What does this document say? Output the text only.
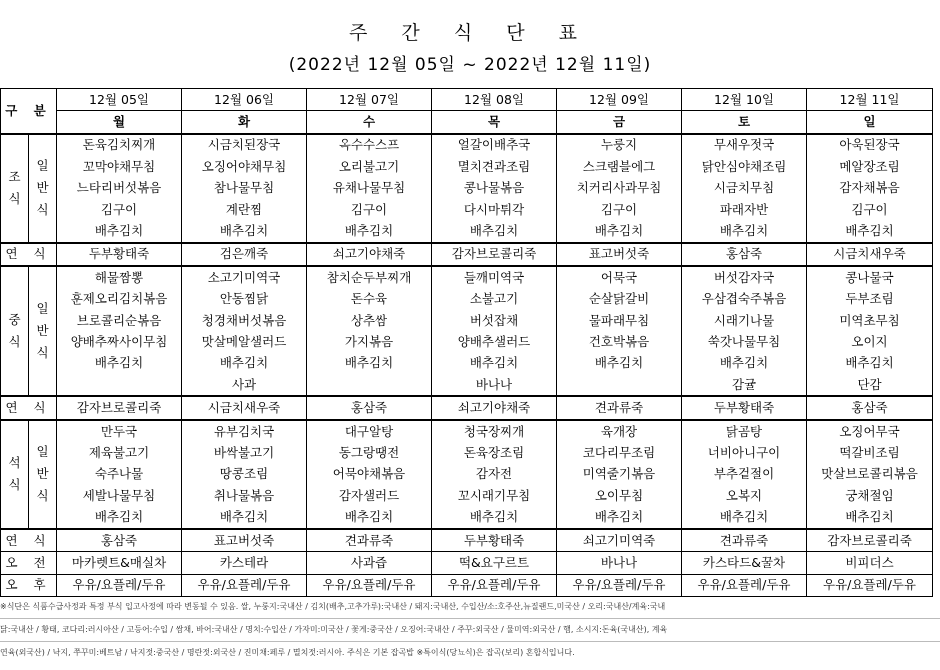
주 간 식 단 표
(2022년 12월 05일 ~ 2022년 12월 11일)
구 분		12월 05일	12월 06일	12월 07일	12월 08일	12월 09일	12월 10일	12월 11일
		월	화	수	목	금	토	일

조
식	일
반
식	돈육김치찌개	시금치된장국	옥수수스프	얼갈이배추국	누룽지	무새우젓국	아욱된장국
		꼬막야채무침	오징어야채무침	오리불고기	멸치견과조림	스크램블에그	닭안심야채조림	메알장조림
		느타리버섯볶음	참나물무침	유채나물무침	콩나물볶음	치커리사과무침	시금치무침	감자채볶음
		김구이	계란찜	김구이	다시마튀각	김구이	파래자반	김구이
		배추김치	배추김치	배추김치	배추김치	배추김치	배추김치	배추김치
연 식		두부황태죽	검은깨죽	쇠고기야채죽	감자브로콜리죽	표고버섯죽	홍삼죽	시금치새우죽

중
식	일
반
식	해물짬뽕	소고기미역국	참치순두부찌개	들깨미역국	어묵국	버섯감자국	콩나물국
		훈제오리김치볶음	안동찜닭	돈수육	소불고기	순살닭갈비	우삼겹숙주볶음	두부조림
		브로콜리순볶음	청경채버섯볶음	상추쌈	버섯잡채	물파래무침	시래기나물	미역초무침
		양배추짜사이무침	맛살메알샐러드	가지볶음	양배추샐러드	건호박볶음	쑥갓나물무침	오이지
		배추김치	배추김치	배추김치	배추김치	배추김치	배추김치	배추김치
			사과		바나나		감귤	단감
연 식		감자브로콜리죽	시금치새우죽	홍삼죽	쇠고기야채죽	견과류죽	두부황태죽	홍삼죽

석
식	일
반
식	만두국	유부김치국	대구알탕	청국장찌개	육개장	닭곰탕	오징어무국
		제육불고기	바싹불고기	동그랑땡전	돈육장조림	코다리무조림	너비아니구이	떡갈비조림
		숙주나물	땅콩조림	어묵야채볶음	감자전	미역줄기볶음	부추겉절이	맛살브로콜리볶음
		세발나물무침	취나물볶음	감자샐러드	꼬시래기무침	오이무침	오복지	궁채절임
		배추김치	배추김치	배추김치	배추김치	배추김치	배추김치	배추김치
연 식		홍삼죽	표고버섯죽	견과류죽	두부황태죽	쇠고기미역죽	견과류죽	감자브로콜리죽
오 전		마카렛트&매실차	카스테라	사과즙	떡&요구르트	바나나	카스타드&꿀차	비피더스
오 후		우유/요플레/두유	우유/요플레/두유	우유/요플레/두유	우유/요플레/두유	우유/요플레/두유	우유/요플레/두유	우유/요플레/두유
※식단은 식품수급사정과 특정 부식 입고사정에 따라 변동될 수 있음. 쌀, 누룽지:국내산 / 김치(배추,고추가루):국내산 / 돼지:국내산, 수입산/소:호주산,뉴질랜드,미국산 / 오리:국내산/계육:국내
닭:국내산 / 황태, 코다리:러시아산 / 고등어:수입 / 쌈채, 바어:국내산 / 명치:수입산 / 가자미:미국산 / 꽃게:중국산 / 오징어:국내산 / 주꾸:외국산 / 물미역:외국산 / 햄, 소시지:돈육(국내산), 계육
연육(외국산) / 낙지, 쭈꾸미:베트남 / 낙지젓:중국산 / 명란젓:외국산 / 진미채:페루 / 멸치젓:러시아. 주식은 기본 잡곡밥 ※특이식(당뇨식)은 잡곡(보리) 혼합식입니다.
